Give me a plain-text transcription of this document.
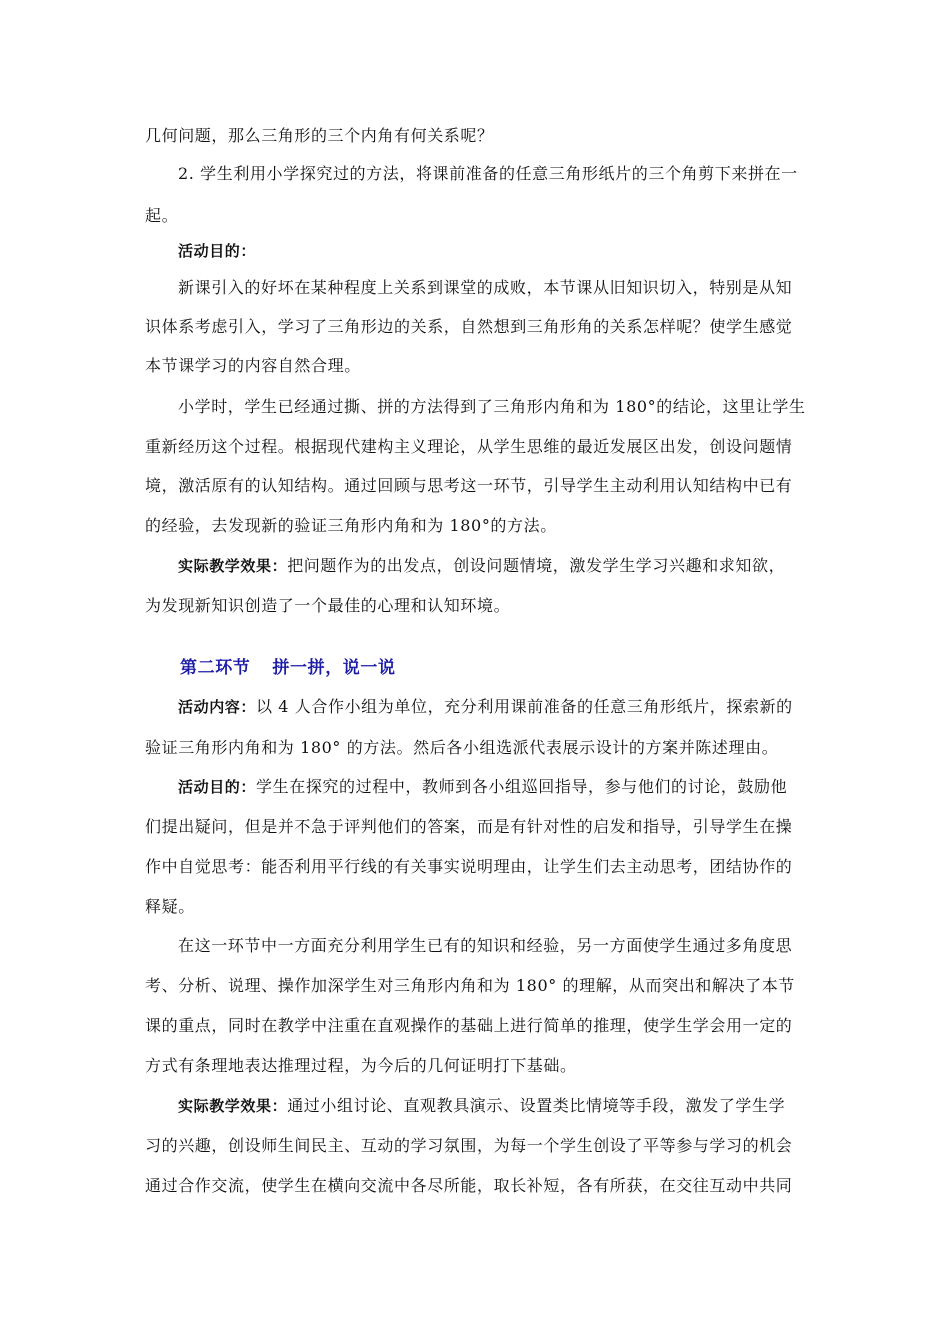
几何问题，那么三角形的三个内角有何关系呢？
2. 学生利用小学探究过的方法，将课前准备的任意三角形纸片的三个角剪下来拼在一
起。
活动目的：
新课引入的好坏在某种程度上关系到课堂的成败，本节课从旧知识切入，特别是从知
识体系考虑引入，学习了三角形边的关系，自然想到三角形角的关系怎样呢？使学生感觉
本节课学习的内容自然合理。
小学时，学生已经通过撕、拼的方法得到了三角形内角和为 180°的结论，这里让学生
重新经历这个过程。根据现代建构主义理论，从学生思维的最近发展区出发，创设问题情
境，激活原有的认知结构。通过回顾与思考这一环节，引导学生主动利用认知结构中已有
的经验，去发现新的验证三角形内角和为 180°的方法。
实际教学效果：把问题作为的出发点，创设问题情境，激发学生学习兴趣和求知欲，
为发现新知识创造了一个最佳的心理和认知环境。
第二环节 拼一拼，说一说
活动内容：以 4 人合作小组为单位，充分利用课前准备的任意三角形纸片，探索新的
验证三角形内角和为 180° 的方法。然后各小组选派代表展示设计的方案并陈述理由。
活动目的：学生在探究的过程中，教师到各小组巡回指导，参与他们的讨论，鼓励他
们提出疑问，但是并不急于评判他们的答案，而是有针对性的启发和指导，引导学生在操
作中自觉思考：能否利用平行线的有关事实说明理由，让学生们去主动思考，团结协作的
释疑。
在这一环节中一方面充分利用学生已有的知识和经验，另一方面使学生通过多角度思
考、分析、说理、操作加深学生对三角形内角和为 180° 的理解，从而突出和解决了本节
课的重点，同时在教学中注重在直观操作的基础上进行简单的推理，使学生学会用一定的
方式有条理地表达推理过程，为今后的几何证明打下基础。
实际教学效果：通过小组讨论、直观教具演示、设置类比情境等手段，激发了学生学
习的兴趣，创设师生间民主、互动的学习氛围，为每一个学生创设了平等参与学习的机会
通过合作交流，使学生在横向交流中各尽所能，取长补短，各有所获，在交往互动中共同
